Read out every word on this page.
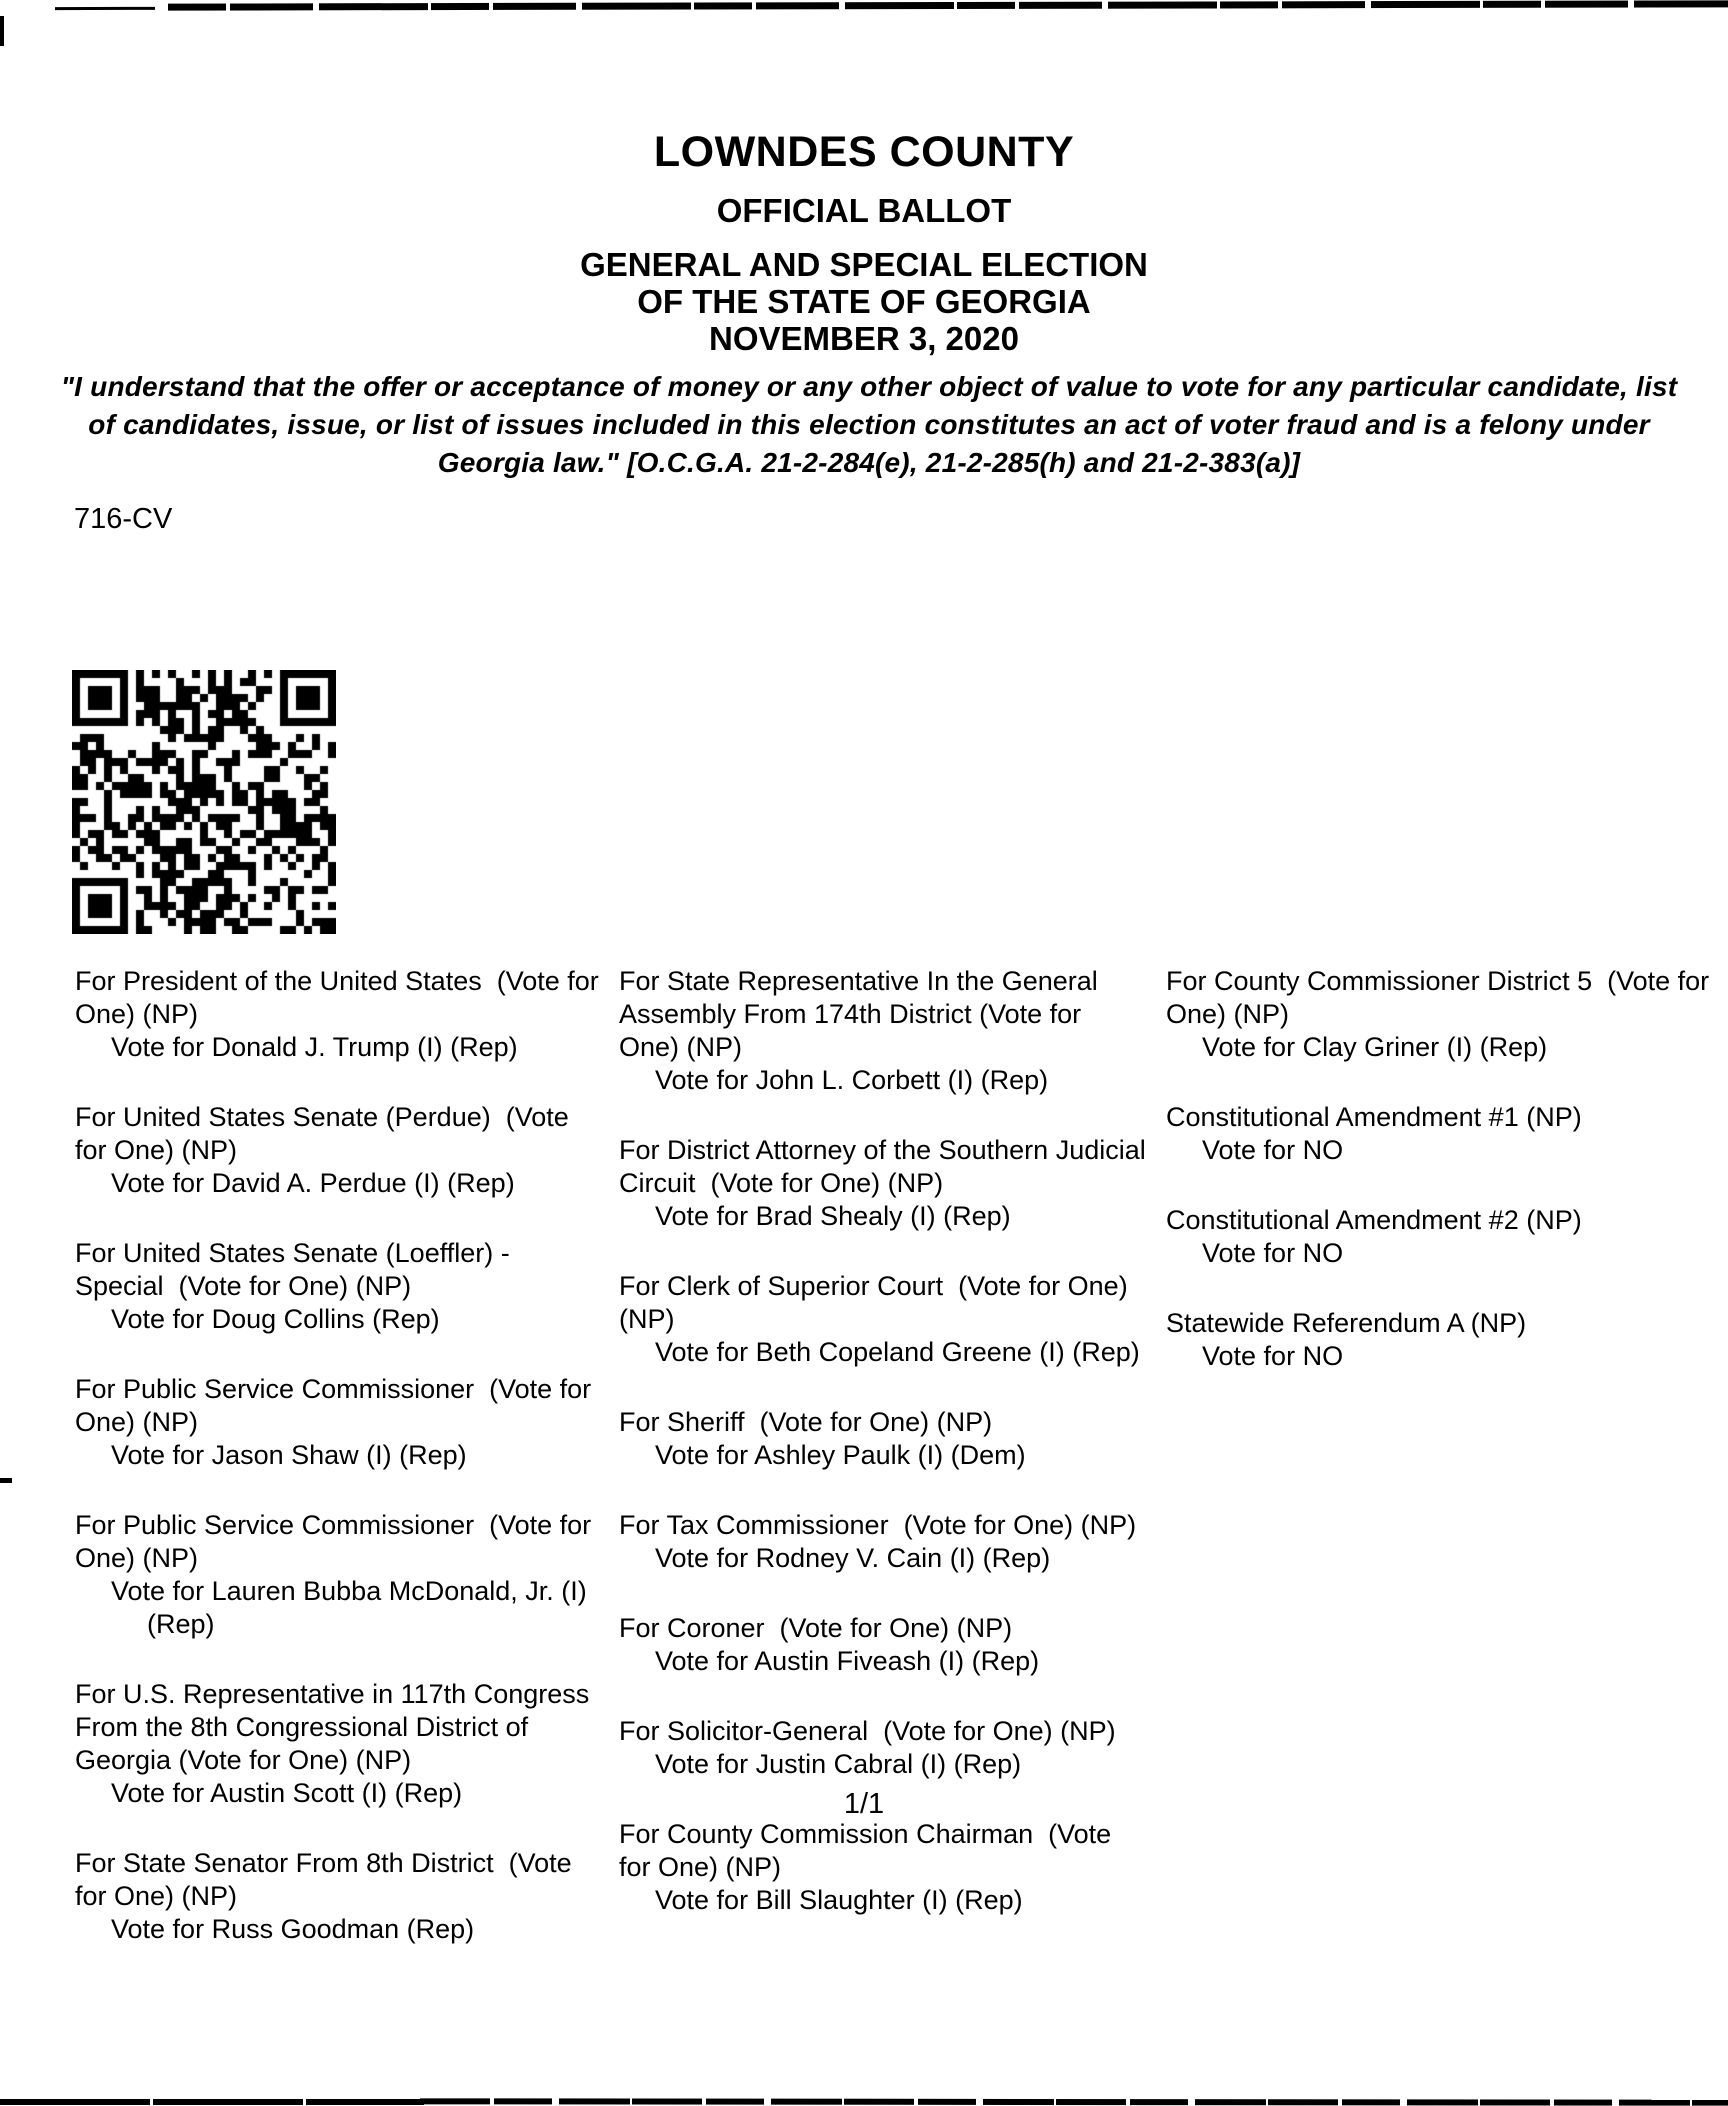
LOWNDES COUNTY
OFFICIAL BALLOT
GENERAL AND SPECIAL ELECTION
OF THE STATE OF GEORGIA
NOVEMBER 3, 2020
"I understand that the offer or acceptance of money or any other object of value to vote for any particular candidate, list of candidates, issue, or list of issues included in this election constitutes an act of voter fraud and is a felony under Georgia law." [O.C.G.A. 21-2-284(e), 21-2-285(h) and 21-2-383(a)]
716-CV
For President of the United States  (Vote for One) (NP)
Vote for Donald J. Trump (I) (Rep)
For United States Senate (Perdue)  (Vote for One) (NP)
Vote for David A. Perdue (I) (Rep)
For United States Senate (Loeffler) - Special  (Vote for One) (NP)
Vote for Doug Collins (Rep)
For Public Service Commissioner  (Vote for One) (NP)
Vote for Jason Shaw (I) (Rep)
For Public Service Commissioner  (Vote for One) (NP)
Vote for Lauren Bubba McDonald, Jr. (I) (Rep)
For U.S. Representative in 117th Congress From the 8th Congressional District of Georgia (Vote for One) (NP)
Vote for Austin Scott (I) (Rep)
For State Senator From 8th District  (Vote for One) (NP)
Vote for Russ Goodman (Rep)
For State Representative In the General Assembly From 174th District (Vote for One) (NP)
Vote for John L. Corbett (I) (Rep)
For District Attorney of the Southern Judicial Circuit  (Vote for One) (NP)
Vote for Brad Shealy (I) (Rep)
For Clerk of Superior Court  (Vote for One) (NP)
Vote for Beth Copeland Greene (I) (Rep)
For Sheriff  (Vote for One) (NP)
Vote for Ashley Paulk (I) (Dem)
For Tax Commissioner  (Vote for One) (NP)
Vote for Rodney V. Cain (I) (Rep)
For Coroner  (Vote for One) (NP)
Vote for Austin Fiveash (I) (Rep)
For Solicitor-General  (Vote for One) (NP)
Vote for Justin Cabral (I) (Rep)
For County Commission Chairman  (Vote for One) (NP)
Vote for Bill Slaughter (I) (Rep)
For County Commissioner District 5  (Vote for One) (NP)
Vote for Clay Griner (I) (Rep)
Constitutional Amendment #1 (NP)
Vote for NO
Constitutional Amendment #2 (NP)
Vote for NO
Statewide Referendum A (NP)
Vote for NO
1/1
